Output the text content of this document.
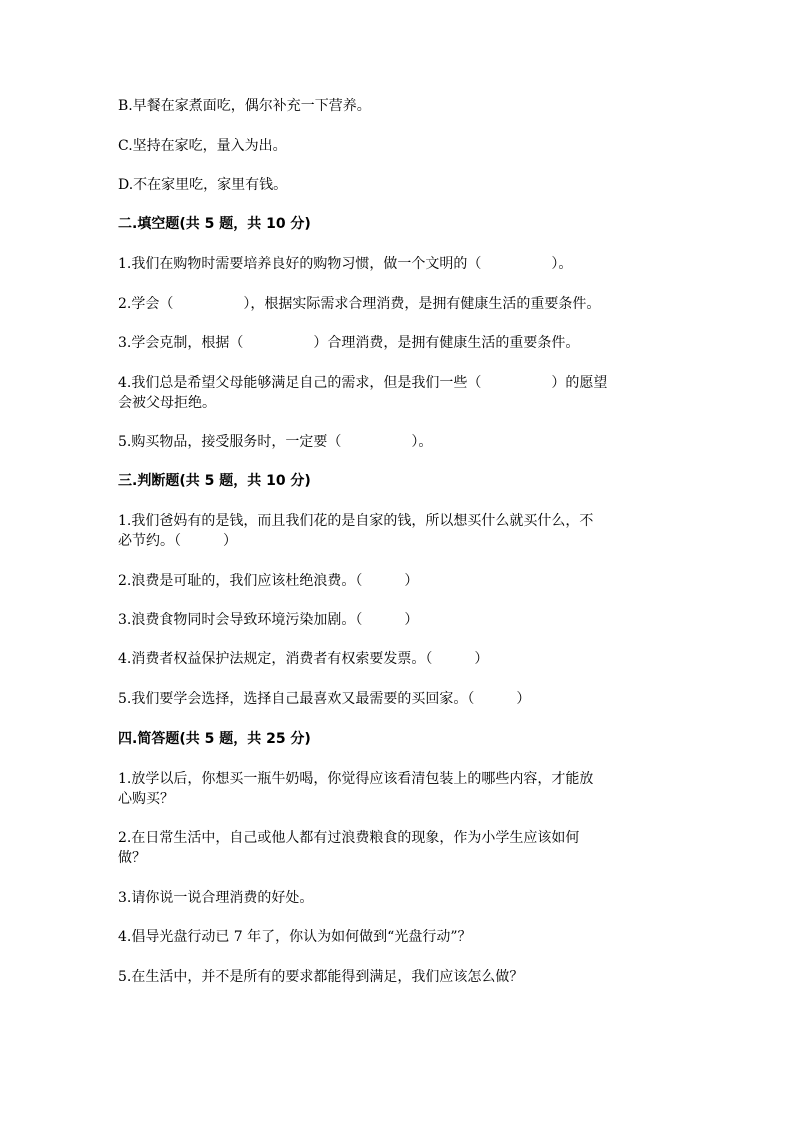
B.早餐在家煮面吃，偶尔补充一下营养。
C.坚持在家吃，量入为出。
D.不在家里吃，家里有钱。
二.填空题(共 5 题，共 10 分)
1.我们在购物时需要培养良好的购物习惯，做一个文明的（　　　　　）。
2.学会（　　　　　），根据实际需求合理消费，是拥有健康生活的重要条件。
3.学会克制，根据（　　　　　）合理消费，是拥有健康生活的重要条件。
4.我们总是希望父母能够满足自己的需求，但是我们一些（　　　　　）的愿望
会被父母拒绝。
5.购买物品，接受服务时，一定要（　　　　　）。
三.判断题(共 5 题，共 10 分)
1.我们爸妈有的是钱，而且我们花的是自家的钱，所以想买什么就买什么，不
必节约。（　　　）
2.浪费是可耻的，我们应该杜绝浪费。（　　　）
3.浪费食物同时会导致环境污染加剧。（　　　）
4.消费者权益保护法规定，消费者有权索要发票。（　　　）
5.我们要学会选择，选择自己最喜欢又最需要的买回家。（　　　）
四.简答题(共 5 题，共 25 分)
1.放学以后，你想买一瓶牛奶喝，你觉得应该看清包装上的哪些内容，才能放
心购买？
2.在日常生活中，自己或他人都有过浪费粮食的现象，作为小学生应该如何
做？
3.请你说一说合理消费的好处。
4.倡导光盘行动已 7 年了，你认为如何做到“光盘行动”？
5.在生活中，并不是所有的要求都能得到满足，我们应该怎么做？
